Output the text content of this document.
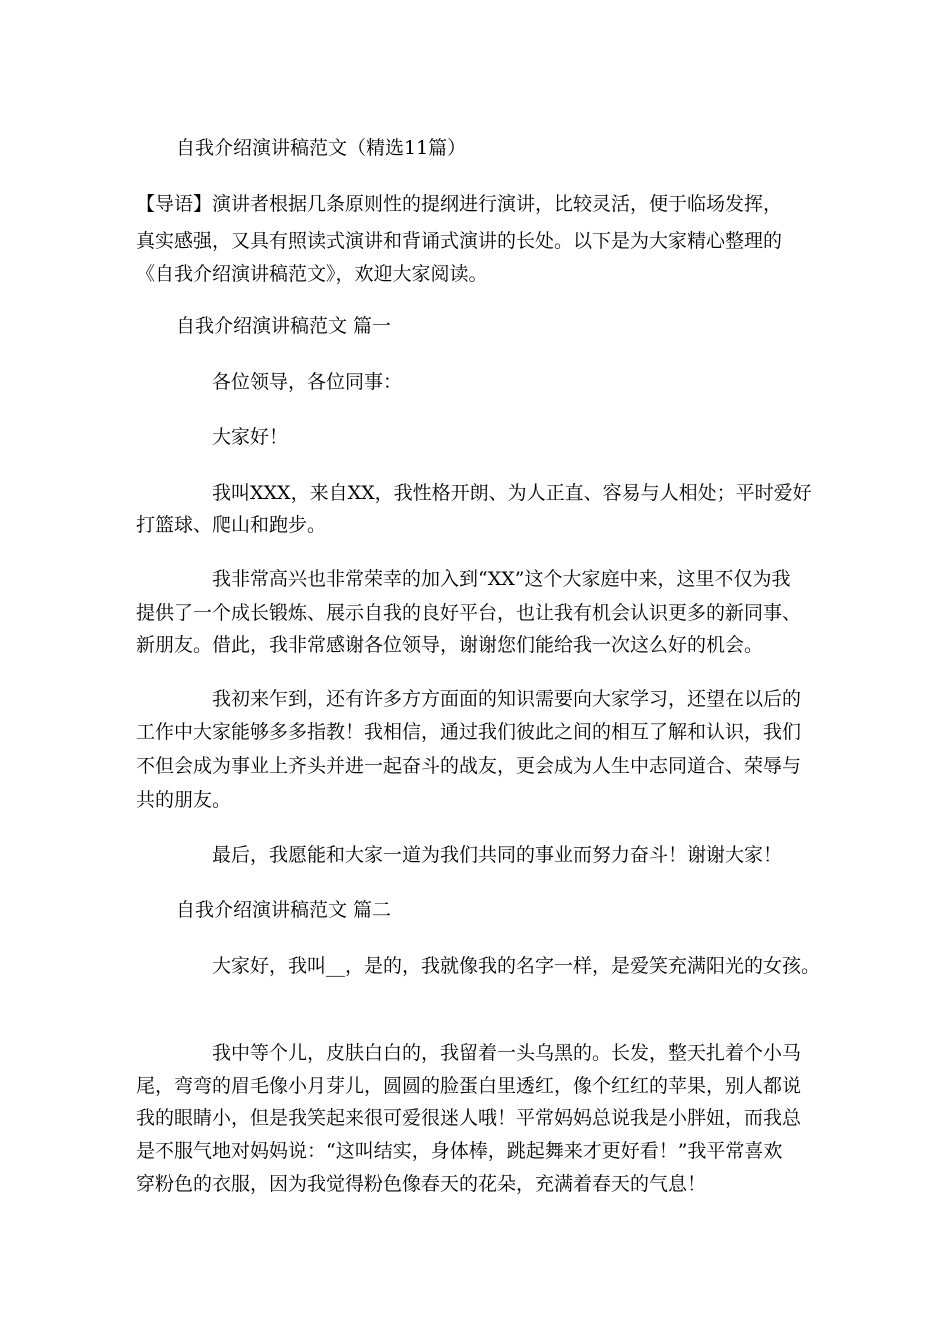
自我介绍演讲稿范文（精选11篇）
【导语】演讲者根据几条原则性的提纲进行演讲，比较灵活，便于临场发挥，
真实感强，又具有照读式演讲和背诵式演讲的长处。以下是为大家精心整理的
《自我介绍演讲稿范文》，欢迎大家阅读。
自我介绍演讲稿范文 篇一
各位领导，各位同事：
大家好！
我叫XXX，来自XX，我性格开朗、为人正直、容易与人相处；平时爱好
打篮球、爬山和跑步。
我非常高兴也非常荣幸的加入到“XX”这个大家庭中来，这里不仅为我
提供了一个成长锻炼、展示自我的良好平台，也让我有机会认识更多的新同事、
新朋友。借此，我非常感谢各位领导，谢谢您们能给我一次这么好的机会。
我初来乍到，还有许多方方面面的知识需要向大家学习，还望在以后的
工作中大家能够多多指教！我相信，通过我们彼此之间的相互了解和认识，我们
不但会成为事业上齐头并进一起奋斗的战友，更会成为人生中志同道合、荣辱与
共的朋友。
最后，我愿能和大家一道为我们共同的事业而努力奋斗！谢谢大家！
自我介绍演讲稿范文 篇二
大家好，我叫__，是的，我就像我的名字一样，是爱笑充满阳光的女孩。
我中等个儿，皮肤白白的，我留着一头乌黑的。长发，整天扎着个小马
尾，弯弯的眉毛像小月芽儿，圆圆的脸蛋白里透红，像个红红的苹果，别人都说
我的眼睛小，但是我笑起来很可爱很迷人哦！平常妈妈总说我是小胖妞，而我总
是不服气地对妈妈说：“这叫结实，身体棒，跳起舞来才更好看！”我平常喜欢
穿粉色的衣服，因为我觉得粉色像春天的花朵，充满着春天的气息！
